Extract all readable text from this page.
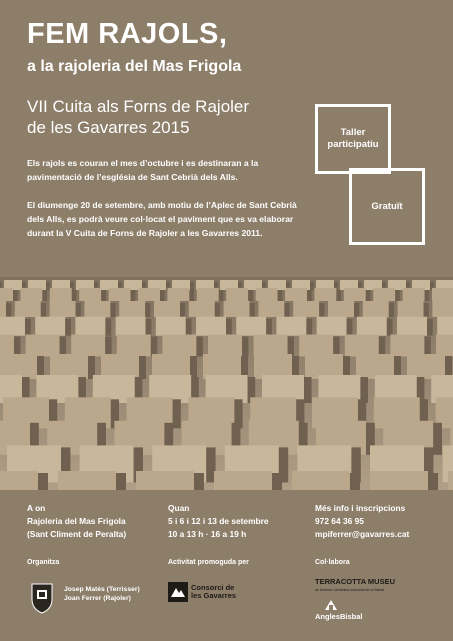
FEM RAJOLS,
a la rajoleria del Mas Frigola
VII Cuita als Forns de Rajoler
de les Gavarres 2015
Els rajols es couran el mes d’octubre i es destinaran a la pavimentació de l’església de Sant Cebrià dels Alls.
El diumenge 20 de setembre, amb motiu de l’Aplec de Sant Cebrià dels Alls, es podrà veure col·locat el paviment que es va elaborar durant la V Cuita de Forns de Rajoler a les Gavarres 2011.
Taller
participatiu
Gratuït

A on
Rajoleria del Mas Frigola
(Sant Climent de Peralta)
Quan
5 i 6 i 12 i 13 de setembre
10 a 13 h · 16 a 19 h
Més info i inscripcions
972 64 36 95
mpiferrer@gavarres.cat
Organitza	Activitat promoguda per	Col·labora
Josep Matés (Terrisser)
Joan Ferrer (Rajoler)
Consorci de
les Gavarres
TERRACOTTA MUSEU
de terrissa i ceràmica industrial de la Bisbal
AnglesBisbal
